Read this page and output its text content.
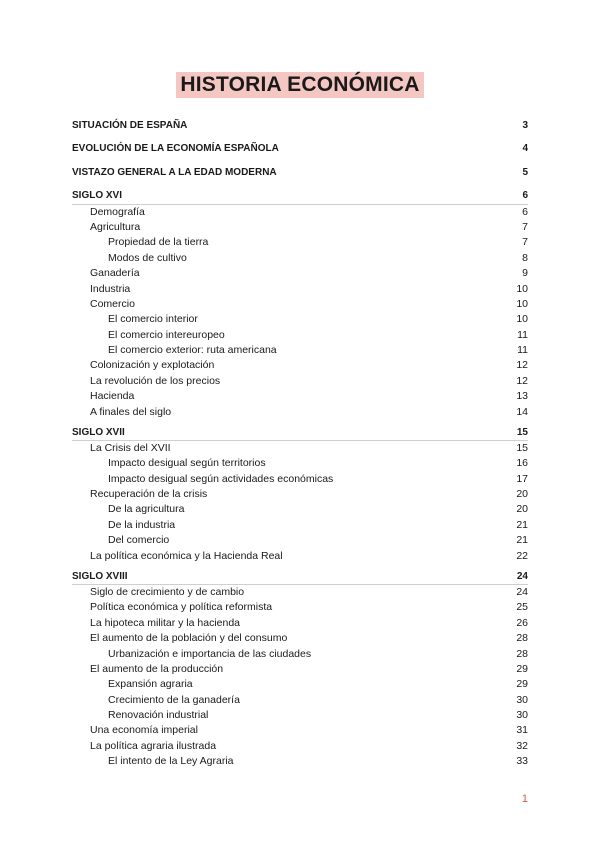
HISTORIA ECONÓMICA
SITUACIÓN DE ESPAÑA	3
EVOLUCIÓN DE LA ECONOMÍA ESPAÑOLA	4
VISTAZO GENERAL A LA EDAD MODERNA	5
SIGLO XVI	6
Demografía	6
Agricultura	7
Propiedad de la tierra	7
Modos de cultivo	8
Ganadería	9
Industria	10
Comercio	10
El comercio interior	10
El comercio intereuropeo	11
El comercio exterior: ruta americana	11
Colonización y explotación	12
La revolución de los precios	12
Hacienda	13
A finales del siglo	14
SIGLO XVII	15
La Crisis del XVII	15
Impacto desigual según territorios	16
Impacto desigual según actividades económicas	17
Recuperación de la crisis	20
De la agricultura	20
De la industria	21
Del comercio	21
La política económica y la Hacienda Real	22
SIGLO XVIII	24
Siglo de crecimiento y de cambio	24
Política económica y política reformista	25
La hipoteca militar y la hacienda	26
El aumento de la población y del consumo	28
Urbanización e importancia de las ciudades	28
El aumento de la producción	29
Expansión agraria	29
Crecimiento de la ganadería	30
Renovación industrial	30
Una economía imperial	31
La política agraria ilustrada	32
El intento de la Ley Agraria	33
1
